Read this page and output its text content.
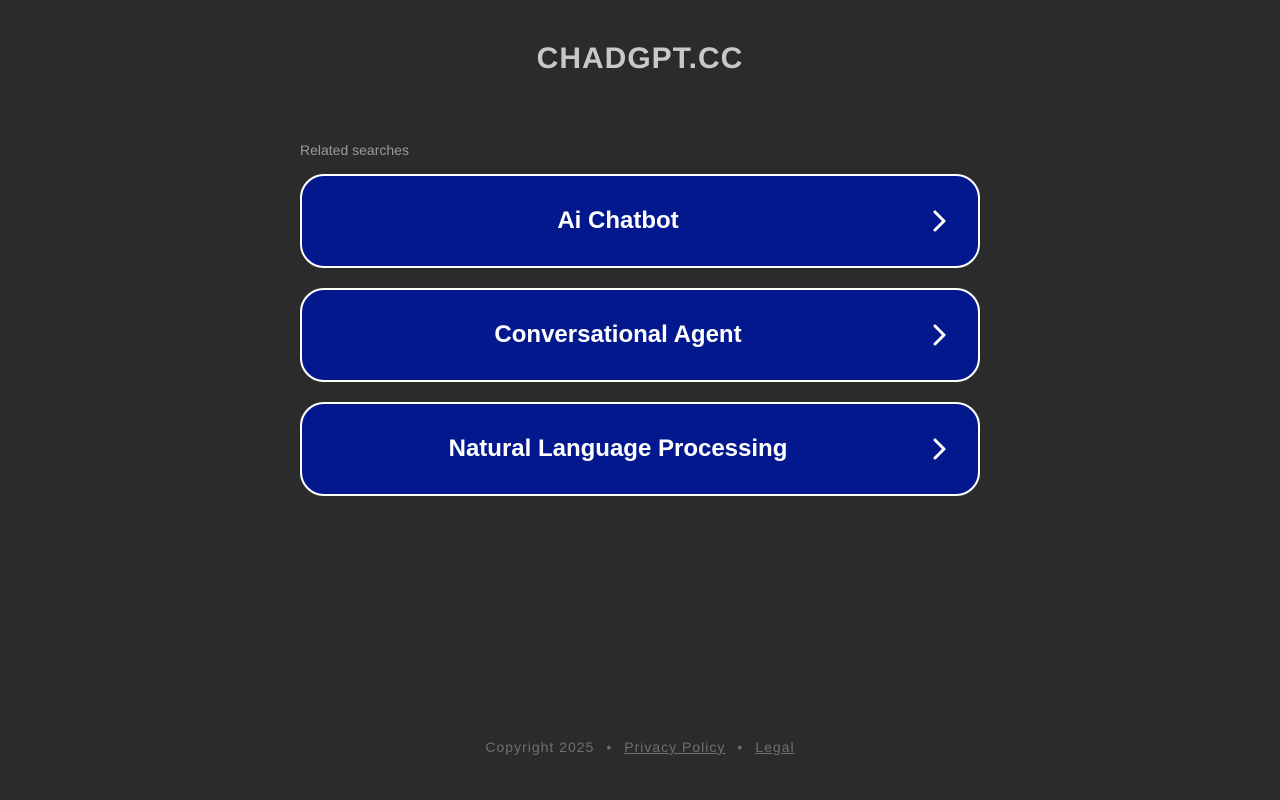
CHADGPT.CC
Related searches
Ai Chatbot
Conversational Agent
Natural Language Processing
Copyright 2025 • Privacy Policy • Legal
